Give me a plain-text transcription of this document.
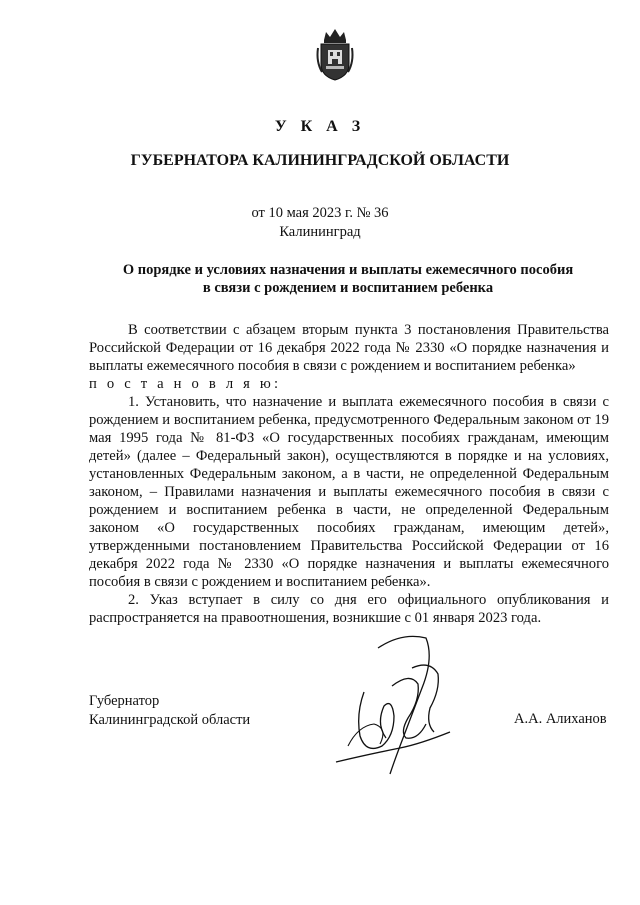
У К А З
ГУБЕРНАТОРА КАЛИНИНГРАДСКОЙ ОБЛАСТИ
от 10 мая 2023 г. № 36
Калининград
О порядке и условиях назначения и выплаты ежемесячного пособия
в связи с рождением и воспитанием ребенка

В соответствии с абзацем вторым пункта 3 постановления Правительства Российской Федерации от 16 декабря 2022 года № 2330 «О порядке назначения и выплаты ежемесячного пособия в связи с рождением и воспитанием ребенка»

п о с т а н о в л я ю:

1. Установить, что назначение и выплата ежемесячного пособия в связи с рождением и воспитанием ребенка, предусмотренного Федеральным законом от 19 мая 1995 года № 81-ФЗ «О государственных пособиях гражданам, имеющим детей» (далее – Федеральный закон), осуществляются в порядке и на условиях, установленных Федеральным законом, а в части, не определенной Федеральным законом, – Правилами назначения и выплаты ежемесячного пособия в связи с рождением и воспитанием ребенка в части, не определенной Федеральным законом «О государственных пособиях гражданам, имеющим детей», утвержденными постановлением Правительства Российской Федерации от 16 декабря 2022 года № 2330 «О порядке назначения и выплаты ежемесячного пособия в связи с рождением и воспитанием ребенка».

2. Указ вступает в силу со дня его официального опубликования и распространяется на правоотношения, возникшие с 01 января 2023 года.

Губернатор
Калининградской области	А.А. Алиханов
